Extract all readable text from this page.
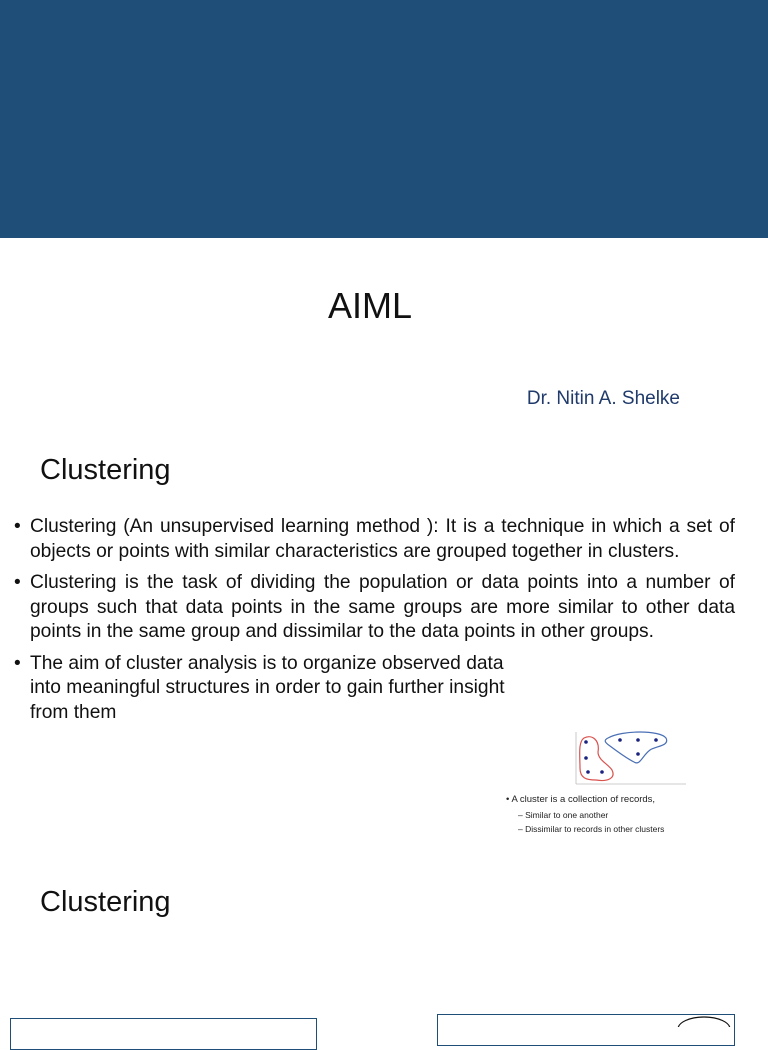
AIML
Dr. Nitin A. Shelke
Clustering
• Clustering (An unsupervised learning method ): It is a technique in which a set of objects or points with similar characteristics are grouped together in clusters.
• Clustering is the task of dividing the population or data points into a number of groups such that data points in the same groups are more similar to other data points in the same group and dissimilar to the data points in other groups.
• The aim of cluster analysis is to organize observed data into meaningful structures in order to gain further insight from them
• A cluster is a collection of records,
– Similar to one another
– Dissimilar to records in other clusters
Clustering
